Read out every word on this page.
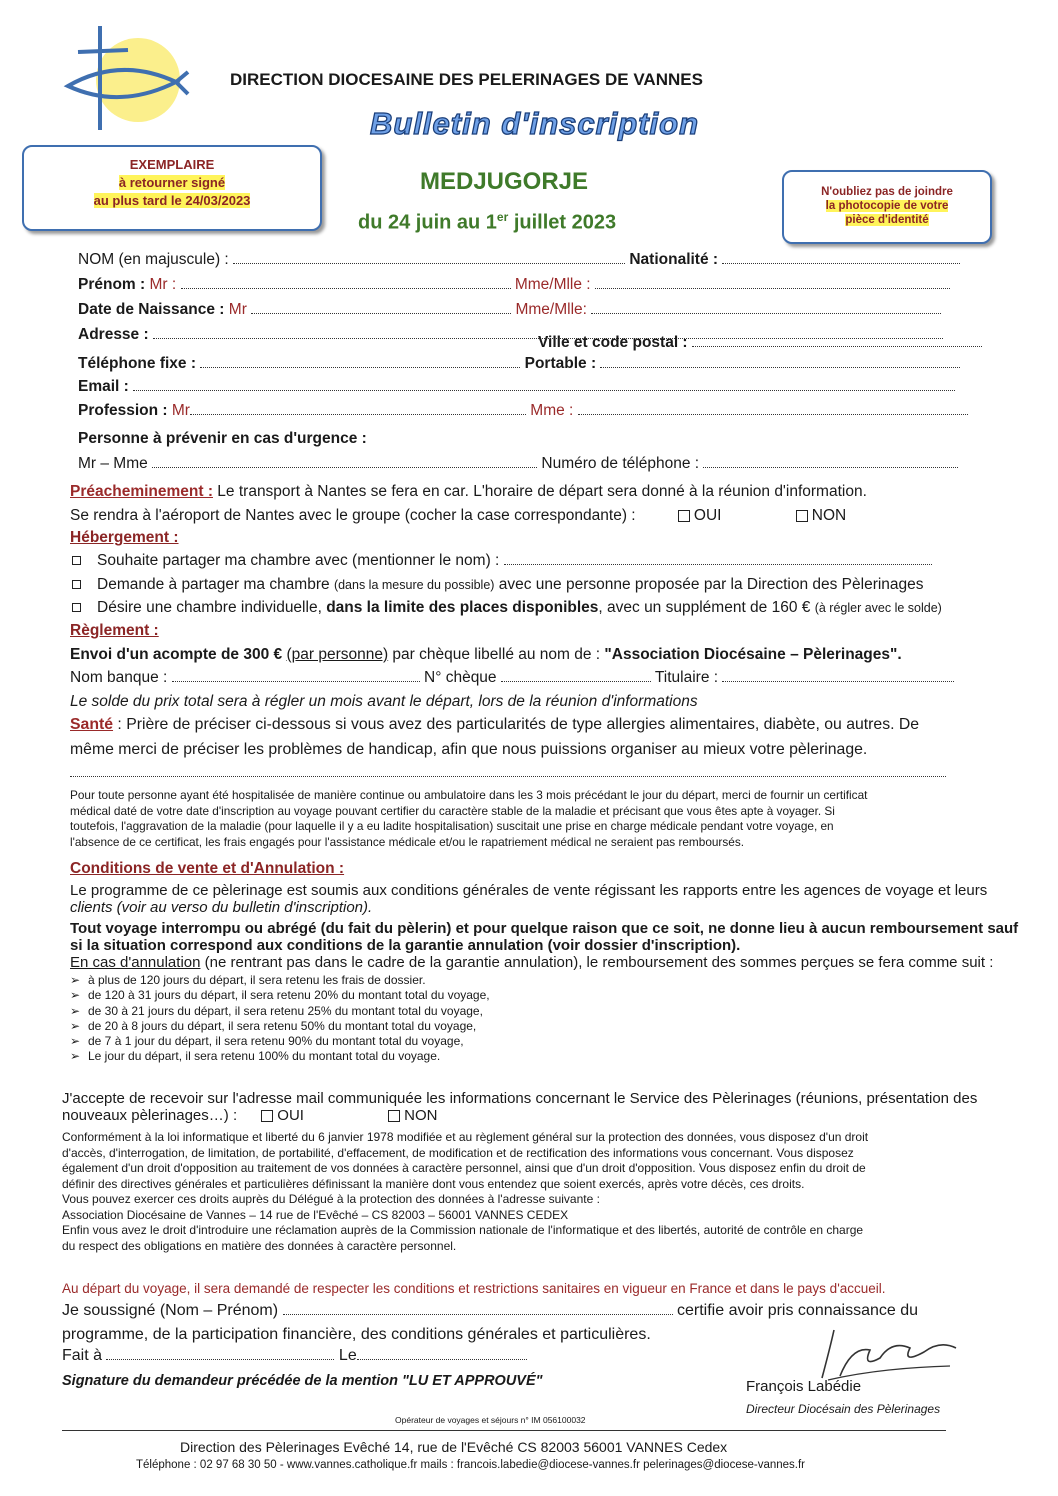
DIRECTION DIOCESAINE DES PELERINAGES DE VANNES
Bulletin d'inscription
EXEMPLAIRE
à retourner signé
au plus tard le 24/03/2023
MEDJUGORJE
du 24 juin au 1er juillet 2023
N'oubliez pas de joindre
la photocopie de votre
pièce d'identité
NOM (en majuscule) :	Nationalité :
Prénom : Mr :	Mme/Mlle :
Date de Naissance : Mr	Mme/Mlle:
Adresse :	Ville et code postal :
Téléphone fixe :	Portable :
Email :
Profession : Mr	Mme :
Personne à prévenir en cas d'urgence :
Mr – Mme	Numéro de téléphone :
Préacheminement : Le transport à Nantes se fera en car. L'horaire de départ sera donné à la réunion d'information.
Se rendra à l'aéroport de Nantes avec le groupe (cocher la case correspondante) :	OUI	NON
Hébergement :
Souhaite partager ma chambre avec (mentionner le nom) :
Demande à partager ma chambre (dans la mesure du possible) avec une personne proposée par la Direction des Pèlerinages
Désire une chambre individuelle, dans la limite des places disponibles, avec un supplément de 160 € (à régler avec le solde)
Règlement :
Envoi d'un acompte de 300 € (par personne) par chèque libellé au nom de : "Association Diocésaine – Pèlerinages".
Nom banque :	N° chèque	Titulaire :
Le solde du prix total sera à régler un mois avant le départ, lors de la réunion d'informations
Santé : Prière de préciser ci-dessous si vous avez des particularités de type allergies alimentaires, diabète, ou autres. De
même merci de préciser les problèmes de handicap, afin que nous puissions organiser au mieux votre pèlerinage.
Pour toute personne ayant été hospitalisée de manière continue ou ambulatoire dans les 3 mois précédant le jour du départ, merci de fournir un certificat
médical daté de votre date d'inscription au voyage pouvant certifier du caractère stable de la maladie et précisant que vous êtes apte à voyager. Si
toutefois, l'aggravation de la maladie (pour laquelle il y a eu ladite hospitalisation) suscitait une prise en charge médicale pendant votre voyage, en
l'absence de ce certificat, les frais engagés pour l'assistance médicale et/ou le rapatriement médical ne seraient pas remboursés.
Conditions de vente et d'Annulation :
Le programme de ce pèlerinage est soumis aux conditions générales de vente régissant les rapports entre les agences de voyage et leurs
clients (voir au verso du bulletin d'inscription).
Tout voyage interrompu ou abrégé (du fait du pèlerin) et pour quelque raison que ce soit, ne donne lieu à aucun remboursement sauf
si la situation correspond aux conditions de la garantie annulation (voir dossier d'inscription).
En cas d'annulation (ne rentrant pas dans le cadre de la garantie annulation), le remboursement des sommes perçues se fera comme suit :
➢ à plus de 120 jours du départ, il sera retenu les frais de dossier.
➢ de 120 à 31 jours du départ, il sera retenu 20% du montant total du voyage,
➢ de 30 à 21 jours du départ, il sera retenu 25% du montant total du voyage,
➢ de 20 à 8 jours du départ, il sera retenu 50% du montant total du voyage,
➢ de 7 à 1 jour du départ, il sera retenu 90% du montant total du voyage,
➢ Le jour du départ, il sera retenu 100% du montant total du voyage.
J'accepte de recevoir sur l'adresse mail communiquée les informations concernant le Service des Pèlerinages (réunions, présentation des
nouveaux pèlerinages…) :	OUI	NON
Conformément à la loi informatique et liberté du 6 janvier 1978 modifiée et au règlement général sur la protection des données, vous disposez d'un droit
d'accès, d'interrogation, de limitation, de portabilité, d'effacement, de modification et de rectification des informations vous concernant. Vous disposez
également d'un droit d'opposition au traitement de vos données à caractère personnel, ainsi que d'un droit d'opposition. Vous disposez enfin du droit de
définir des directives générales et particulières définissant la manière dont vous entendez que soient exercés, après votre décès, ces droits.
Vous pouvez exercer ces droits auprès du Délégué à la protection des données à l'adresse suivante :
Association Diocésaine de Vannes – 14 rue de l'Evêché – CS 82003 – 56001 VANNES CEDEX
Enfin vous avez le droit d'introduire une réclamation auprès de la Commission nationale de l'informatique et des libertés, autorité de contrôle en charge
du respect des obligations en matière des données à caractère personnel.
Au départ du voyage, il sera demandé de respecter les conditions et restrictions sanitaires en vigueur en France et dans le pays d'accueil.
Je soussigné (Nom – Prénom)	certifie avoir pris connaissance du
programme, de la participation financière, des conditions générales et particulières.
Fait à	Le
Signature du demandeur précédée de la mention "LU ET APPROUVÉ"	François Labédie
Directeur Diocésain des Pèlerinages
Opérateur de voyages et séjours n° IM 056100032
Direction des Pèlerinages Evêché 14, rue de l'Evêché CS 82003 56001 VANNES Cedex
Téléphone : 02 97 68 30 50 - www.vannes.catholique.fr mails : francois.labedie@diocese-vannes.fr pelerinages@diocese-vannes.fr
